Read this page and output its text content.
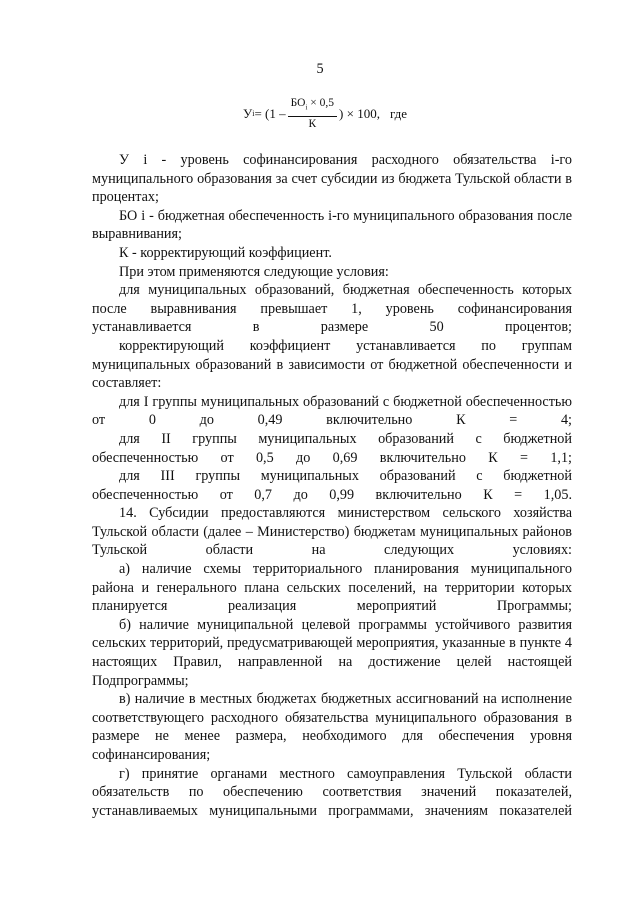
5
У $i = (1 - \frac{БО_i \times 0,5}{К}$ ) × 100, где

У i - уровень софинансирования расходного обязательства i-го муниципального образования за счет субсидии из бюджета Тульской области в процентах;

БО i - бюджетная обеспеченность i-го муниципального образования после выравнивания;

К - корректирующий коэффициент.

При этом применяются следующие условия:

для муниципальных образований, бюджетная обеспеченность которых после выравнивания превышает 1, уровень софинансирования устанавливается в размере 50 процентов;

корректирующий коэффициент устанавливается по группам муниципальных образований в зависимости от бюджетной обеспеченности и составляет:

для I группы муниципальных образований с бюджетной обеспеченностью от 0 до 0,49 включительно К = 4;

для II группы муниципальных образований с бюджетной обеспеченностью от 0,5 до 0,69 включительно К = 1,1;

для III группы муниципальных образований с бюджетной обеспеченностью от 0,7 до 0,99 включительно К = 1,05.

14. Субсидии предоставляются министерством сельского хозяйства Тульской области (далее – Министерство) бюджетам муниципальных районов Тульской области на следующих условиях:

а) наличие схемы территориального планирования муниципального района и генерального плана сельских поселений, на территории которых планируется реализация мероприятий Программы;

б) наличие муниципальной целевой программы устойчивого развития сельских территорий, предусматривающей мероприятия, указанные в пункте 4 настоящих Правил, направленной на достижение целей настоящей Подпрограммы;

в) наличие в местных бюджетах бюджетных ассигнований на исполнение соответствующего расходного обязательства муниципального образования в размере не менее размера, необходимого для обеспечения уровня софинансирования;

г) принятие органами местного самоуправления Тульской области обязательств по обеспечению соответствия значений показателей, устанавливаемых муниципальными программами, значениям показателей
